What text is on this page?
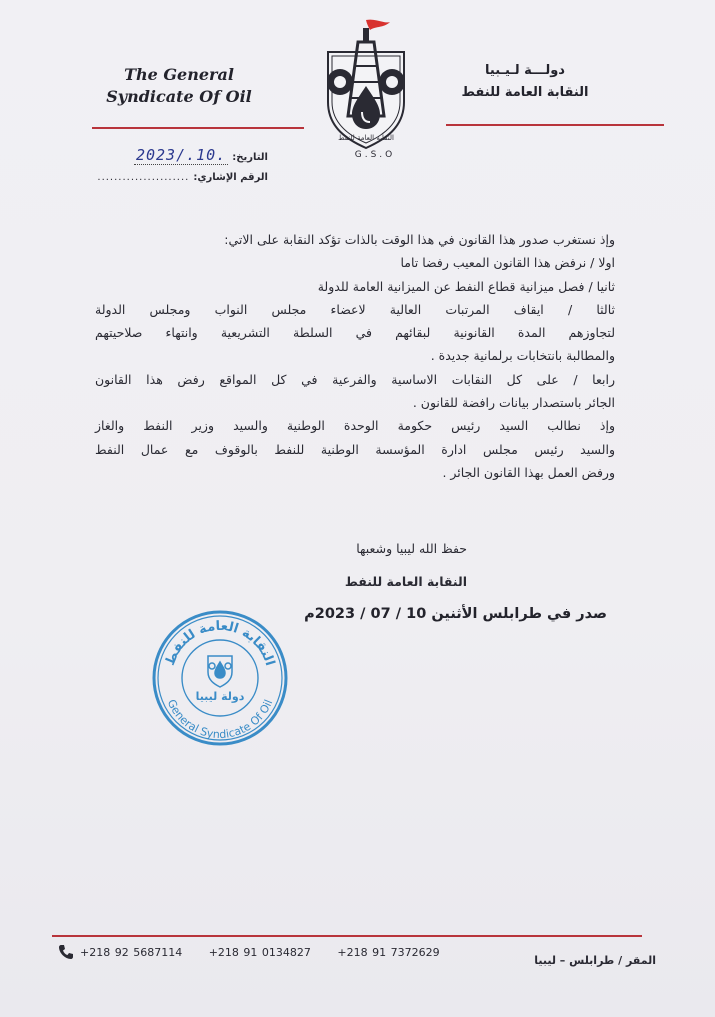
The General
Syndicate Of Oil
دولـــة لـيـبيا
النقابة العامة للنفط
النقابة العامة للنفط
G.S.O
التاريخ:
2023/.10.
الرقم الإشاري:
......................

وإذ نستغرب صدور هذا القانون في هذا الوقت بالذات تؤكد النقابة على الاتي:

اولا / نرفض هذا القانون المعيب رفضا تاما

ثانيا / فصل ميزانية قطاع النفط عن الميزانية العامة للدولة

ثالثا / ايقاف المرتبات العالية لاعضاء مجلس النواب ومجلس الدولة

لتجاوزهم المدة القانونية لبقائهم في السلطة التشريعية وانتهاء صلاحيتهم

والمطالبة بانتخابات برلمانية جديدة .

رابعا / على كل النقابات الاساسية والفرعية في كل المواقع رفض هذا القانون

الجائر باستصدار بيانات رافضة للقانون .

وإذ نطالب السيد رئيس حكومة الوحدة الوطنية والسيد وزير النفط والغاز

والسيد رئيس مجلس ادارة المؤسسة الوطنية للنفط بالوقوف مع عمال النفط

ورفض العمل بهذا القانون الجائر .

حفظ الله ليبيا وشعبها
النقابة العامة للنفط
صدر في طرابلس الأثنين 10 / 07 / 2023م
النقابة العامة للنفط
General Syndicate Of Oil
دولة ليبيا
+218 92 5687114 +218 91 0134827 +218 91 7372629
المقر / طرابلس – ليبيا
